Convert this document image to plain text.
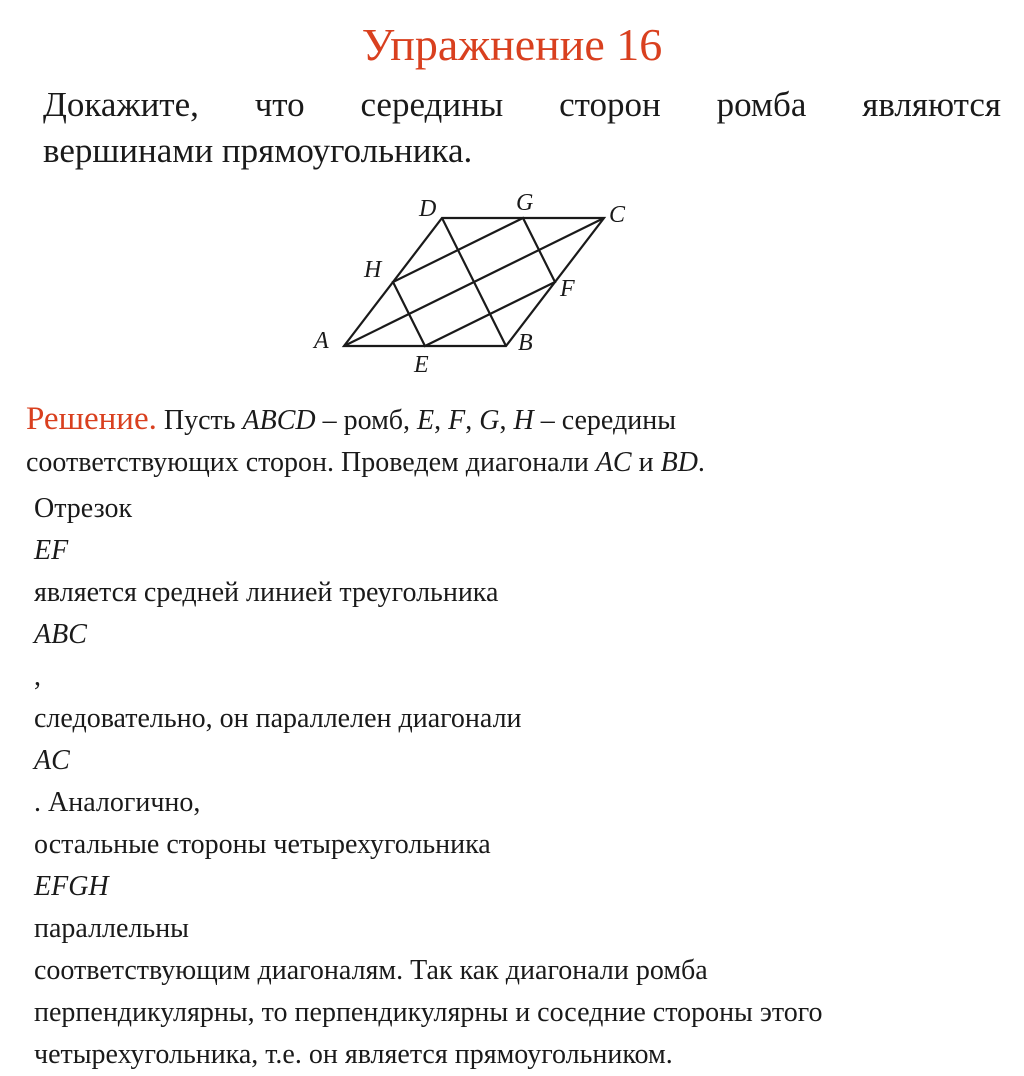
Упражнение 16
Докажите, что середины сторон ромба являются
вершинами прямоугольника.
A	B
C
D
E
F
G
H
Решение. Пусть ABCD – ромб, E, F, G, H – середины
соответствующих сторон. Проведем диагонали AC и BD.
Отрезок
EF
является средней линией треугольника
ABC
,
следовательно, он параллелен диагонали
AC
. Аналогично,
остальные стороны четырехугольника
EFGH
параллельны
соответствующим диагоналям. Так как диагонали ромба
перпендикулярны, то перпендикулярны и соседние стороны этого
четырехугольника, т.е. он является прямоугольником.
